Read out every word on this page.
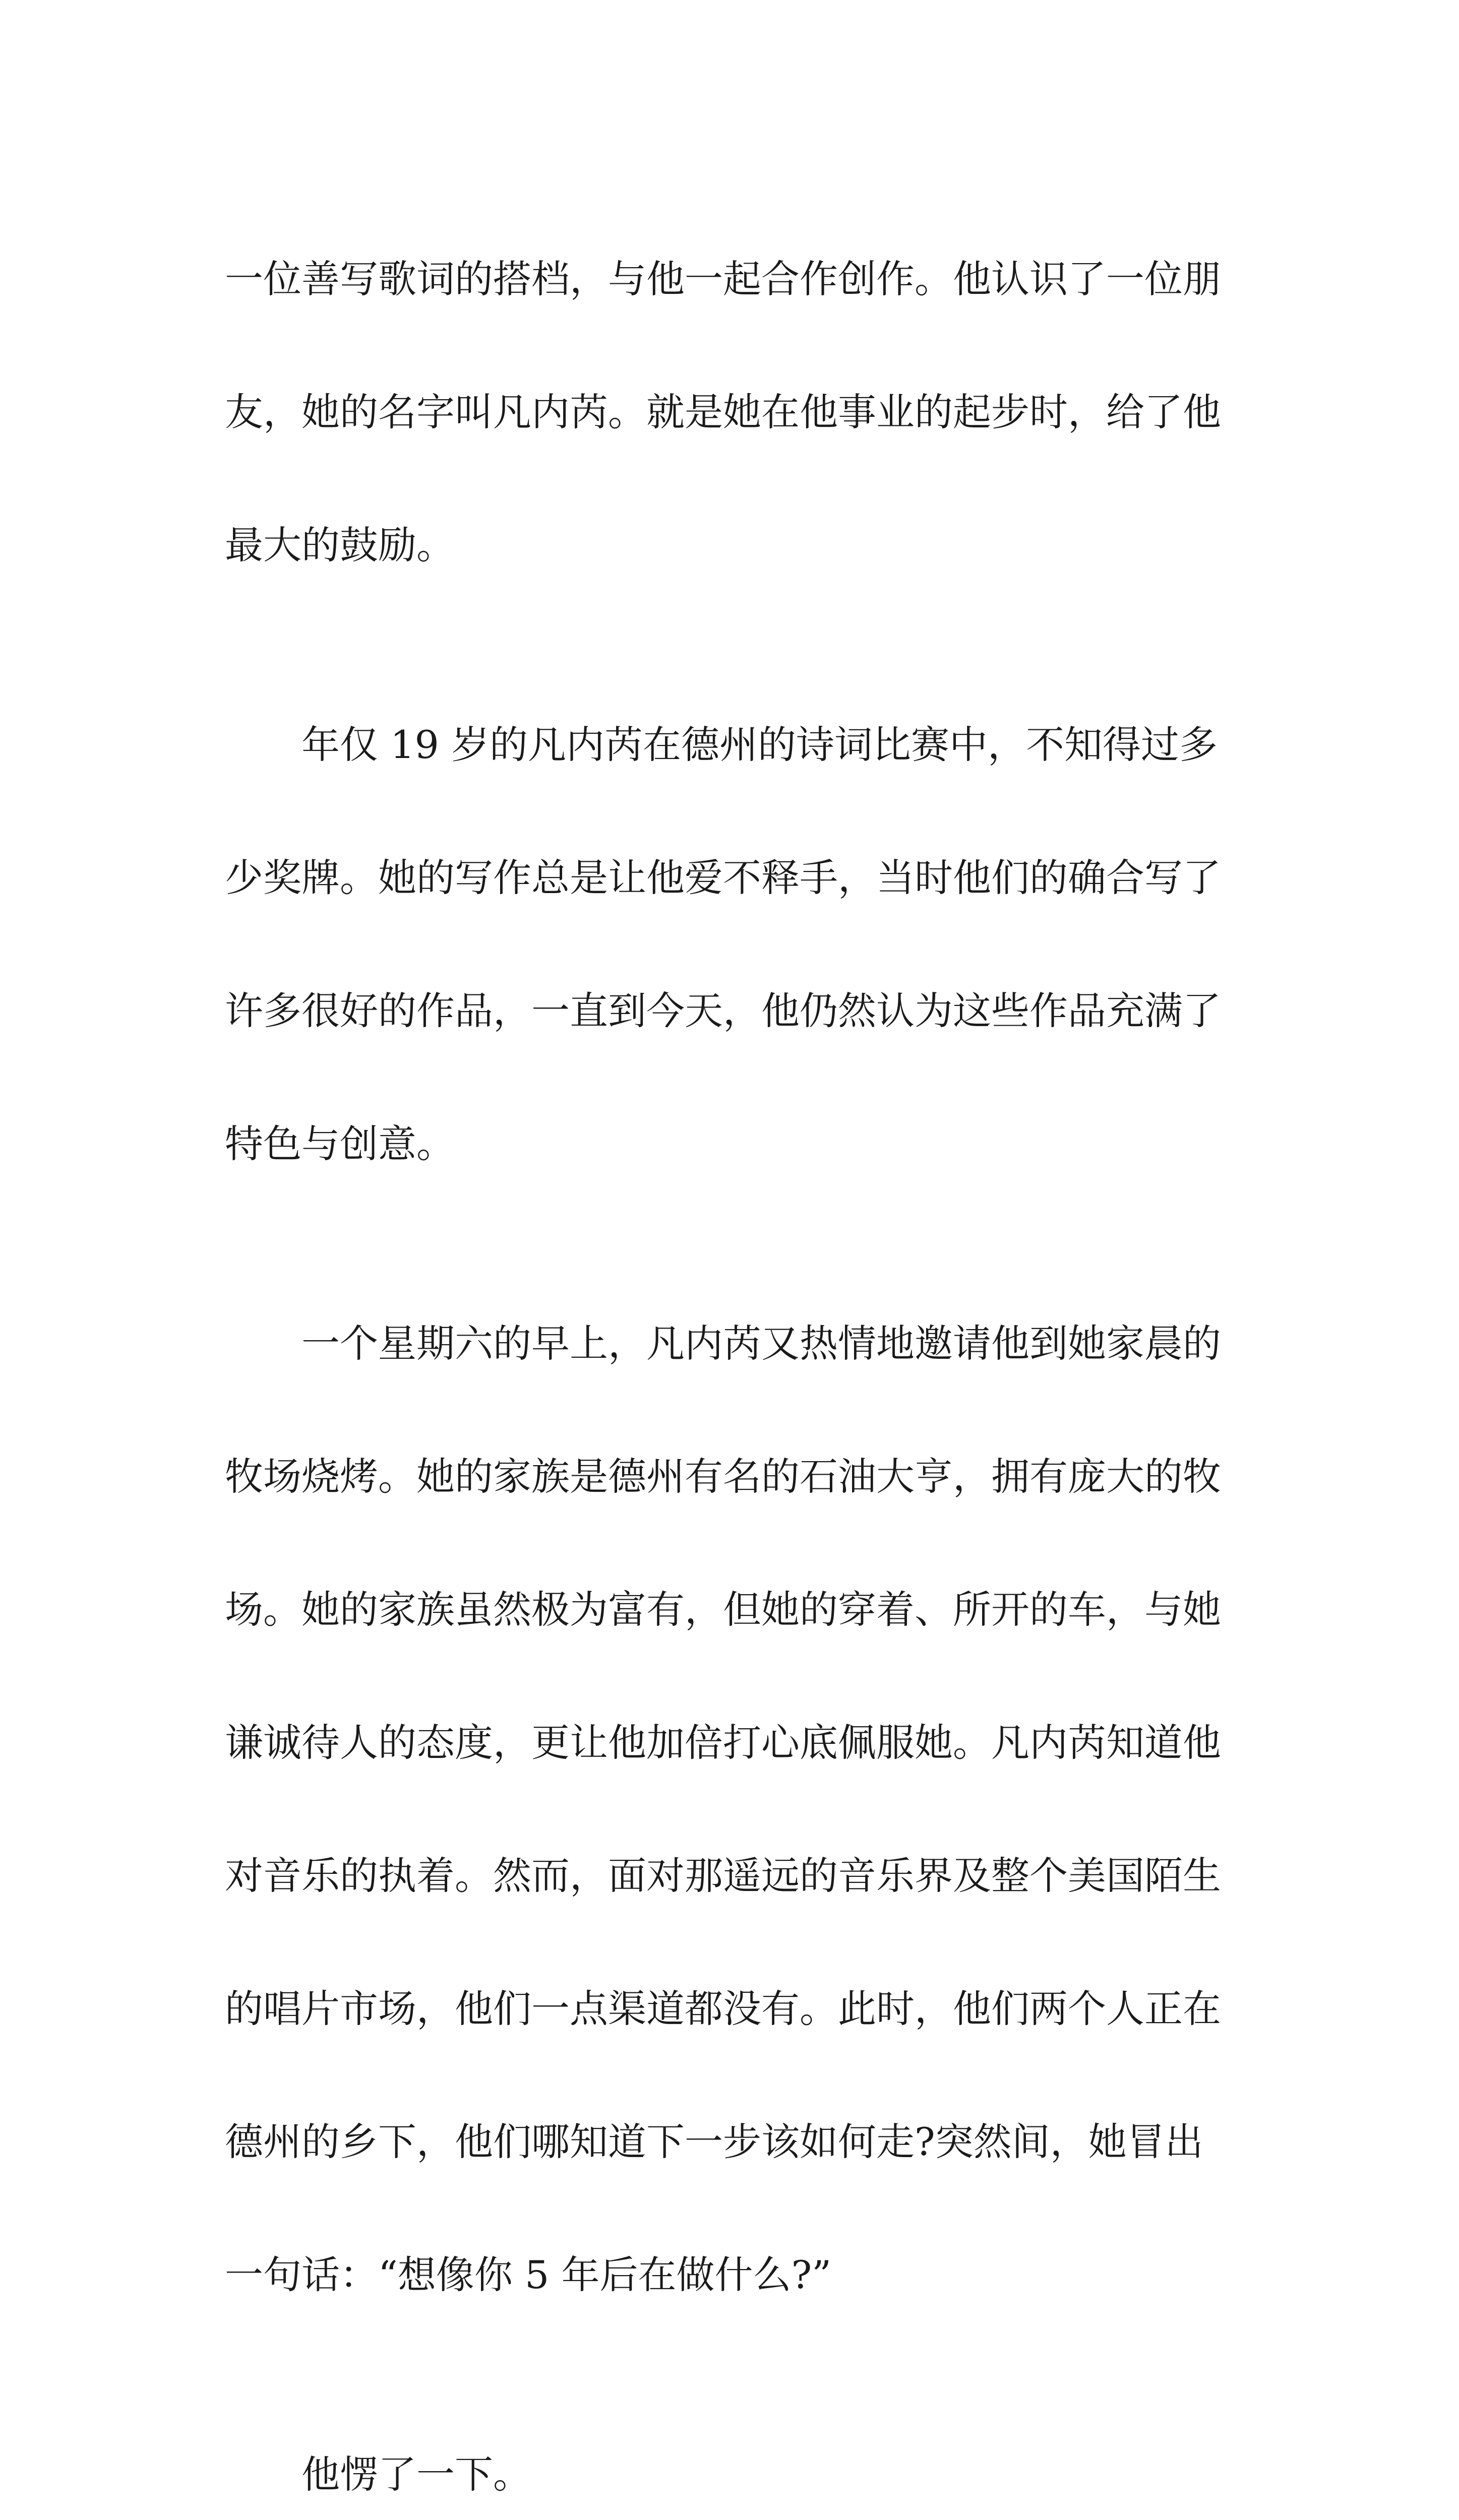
一位善写歌词的搭档，与他一起合作创作。他认识了一位朋

友，她的名字叫凡内芮。就是她在他事业的起步时，给了他

最大的鼓励。

　　年仅 19 岁的凡内芮在德州的诗词比赛中，不知得过多

少奖牌。她的写作总是让他爱不释手，当时他们的确合写了

许多很好的作品，一直到今天，他仍然认为这些作品充满了

特色与创意。

　　一个星期六的早上，凡内芮又热情地邀请他到她家晨的

牧场烧烤。她的家族是德州有名的石油大亨，拥有庞大的牧

场。她的家族虽然极为富有，但她的穿着、所开的车，与她

谦诚待人的态度，更让他加倍打心底佩服她。凡内芮知道他

对音乐的执着。然而，面对那遥远的音乐界及整个美国陌生

的唱片市场，他们一点渠道都没有。此时，他们两个人正在

德州的乡下，他们哪知道下一步该如何走?突然间，她冒出

一句话：“想像你 5 年后在做什么?”

　　他愣了一下。
